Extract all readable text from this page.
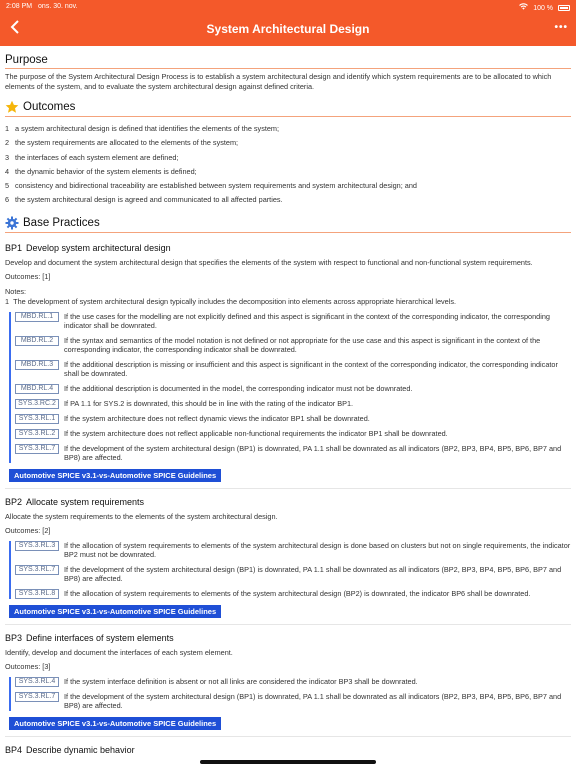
2:08 PM ons. 30. nov.	100 %
System Architectural Design	•••
Purpose
The purpose of the System Architectural Design Process is to establish a system architectural design and identify which system requirements are to be allocated to which elements of the system, and to evaluate the system architectural design against defined criteria.
Outcomes
1 a system architectural design is defined that identifies the elements of the system;
2 the system requirements are allocated to the elements of the system;
3 the interfaces of each system element are defined;
4 the dynamic behavior of the system elements is defined;
5 consistency and bidirectional traceability are established between system requirements and system architectural design; and
6 the system architectural design is agreed and communicated to all affected parties.
Base Practices
BP1 Develop system architectural design
Develop and document the system architectural design that specifies the elements of the system with respect to functional and non-functional system requirements.
Outcomes: [1]
Notes:
1 The development of system architectural design typically includes the decomposition into elements across appropriate hierarchical levels.
MBD.RL.1	If the use cases for the modelling are not explicitly defined and this aspect is significant in the context of the corresponding indicator, the corresponding indicator shall be downrated.
MBD.RL.2	If the syntax and semantics of the model notation is not defined or not appropriate for the use case and this aspect is significant in the context of the corresponding indicator, the corresponding indicator shall be downrated.
MBD.RL.3	If the additional description is missing or insufficient and this aspect is significant in the context of the corresponding indicator, the corresponding indicator shall be downrated.
MBD.RL.4	If the additional description is documented in the model, the corresponding indicator must not be downrated.
SYS.3.RC.2	If PA 1.1 for SYS.2 is downrated, this should be in line with the rating of the indicator BP1.
SYS.3.RL.1	If the system architecture does not reflect dynamic views the indicator BP1 shall be downrated.
SYS.3.RL.2	If the system architecture does not reflect applicable non-functional requirements the indicator BP1 shall be downrated.
SYS.3.RL.7	If the development of the system architectural design (BP1) is downrated, PA 1.1 shall be downrated as all indicators (BP2, BP3, BP4, BP5, BP6, BP7 and BP8) are affected.
Automotive SPICE v3.1-vs-Automotive SPICE Guidelines
BP2 Allocate system requirements
Allocate the system requirements to the elements of the system architectural design.
Outcomes: [2]
SYS.3.RL.3	If the allocation of system requirements to elements of the system architectural design is done based on clusters but not on single requirements, the indicator BP2 must not be downrated.
SYS.3.RL.7	If the development of the system architectural design (BP1) is downrated, PA 1.1 shall be downrated as all indicators (BP2, BP3, BP4, BP5, BP6, BP7 and BP8) are affected.
SYS.3.RL.8	If the allocation of system requirements to elements of the system architectural design (BP2) is downrated, the indicator BP6 shall be downrated.
Automotive SPICE v3.1-vs-Automotive SPICE Guidelines
BP3 Define interfaces of system elements
Identify, develop and document the interfaces of each system element.
Outcomes: [3]
SYS.3.RL.4	If the system interface definition is absent or not all links are considered the indicator BP3 shall be downrated.
SYS.3.RL.7	If the development of the system architectural design (BP1) is downrated, PA 1.1 shall be downrated as all indicators (BP2, BP3, BP4, BP5, BP6, BP7 and BP8) are affected.
Automotive SPICE v3.1-vs-Automotive SPICE Guidelines
BP4 Describe dynamic behavior
